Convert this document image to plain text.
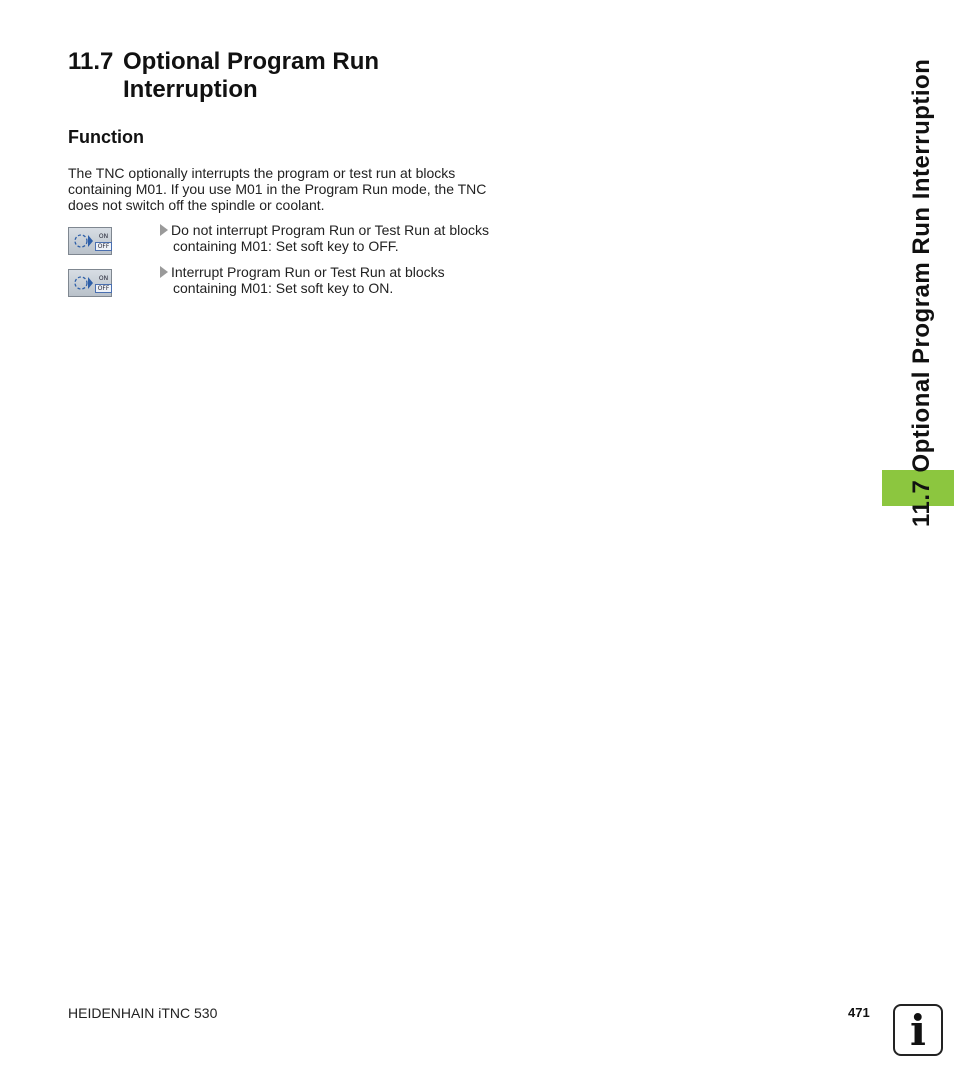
11.7 Optional Program Run
Interruption
Function

The TNC optionally interrupts the program or test run at blocks containing M01. If you use M01 in the Program Run mode, the TNC does not switch off the spindle or coolant.

ON
OFF

Do not interrupt Program Run or Test Run at blocks
containing M01: Set soft key to OFF.

ON
OFF

Interrupt Program Run or Test Run at blocks
containing M01: Set soft key to ON.	11.7 Optional Program Run Interruption
HEIDENHAIN iTNC 530	471 i
